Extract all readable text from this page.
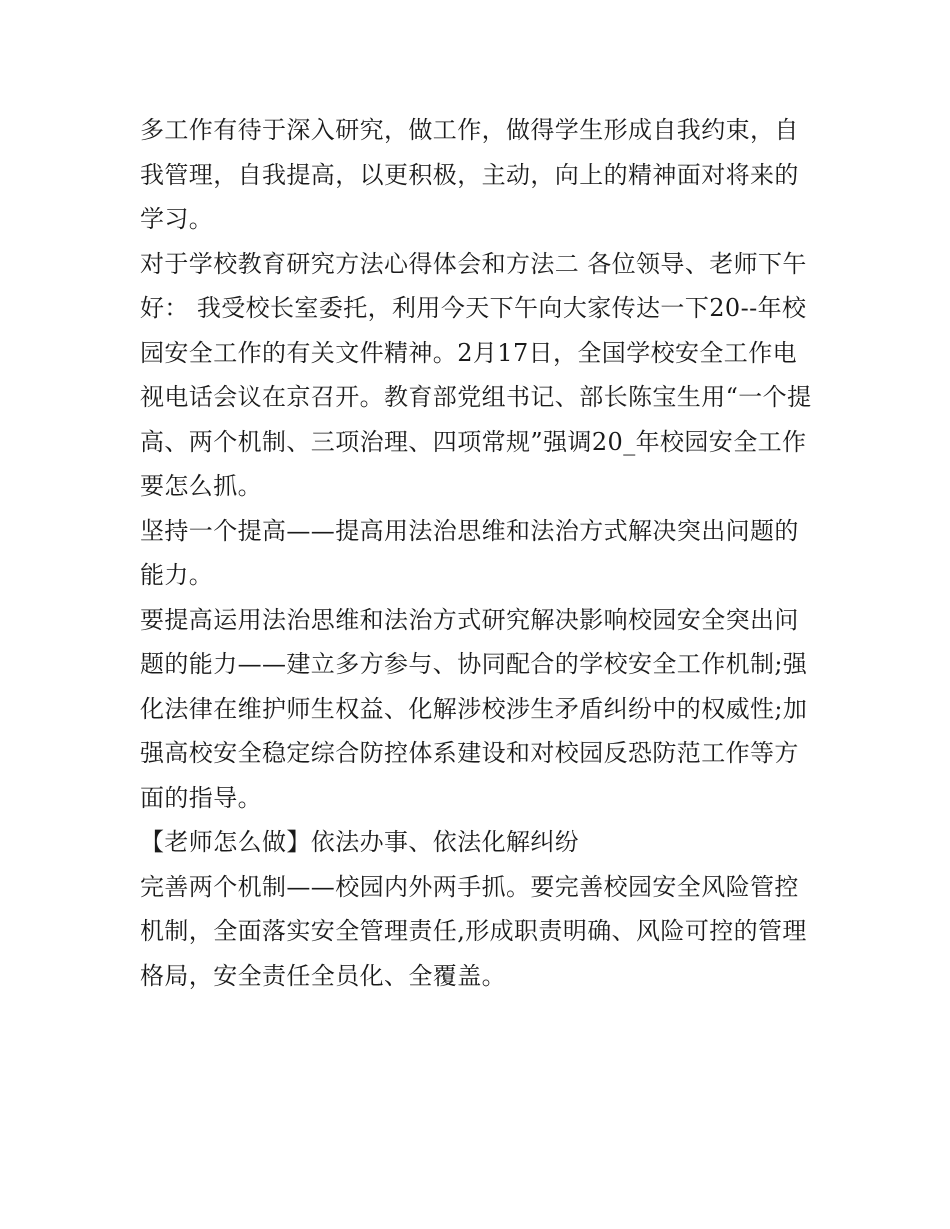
多工作有待于深入研究，做工作，做得学生形成自我约束，自我管理，自我提高，以更积极，主动，向上的精神面对将来的学习。

对于学校教育研究方法心得体会和方法二 各位领导、老师下午好： 我受校长室委托，利用今天下午向大家传达一下20--年校园安全工作的有关文件精神。2月17日，全国学校安全工作电视电话会议在京召开。教育部党组书记、部长陈宝生用“一个提高、两个机制、三项治理、四项常规”强调20_年校园安全工作要怎么抓。

坚持一个提高——提高用法治思维和法治方式解决突出问题的能力。

要提高运用法治思维和法治方式研究解决影响校园安全突出问题的能力——建立多方参与、协同配合的学校安全工作机制;强化法律在维护师生权益、化解涉校涉生矛盾纠纷中的权威性;加强高校安全稳定综合防控体系建设和对校园反恐防范工作等方面的指导。

【老师怎么做】依法办事、依法化解纠纷

完善两个机制——校园内外两手抓。要完善校园安全风险管控机制，全面落实安全管理责任,形成职责明确、风险可控的管理格局，安全责任全员化、全覆盖。
